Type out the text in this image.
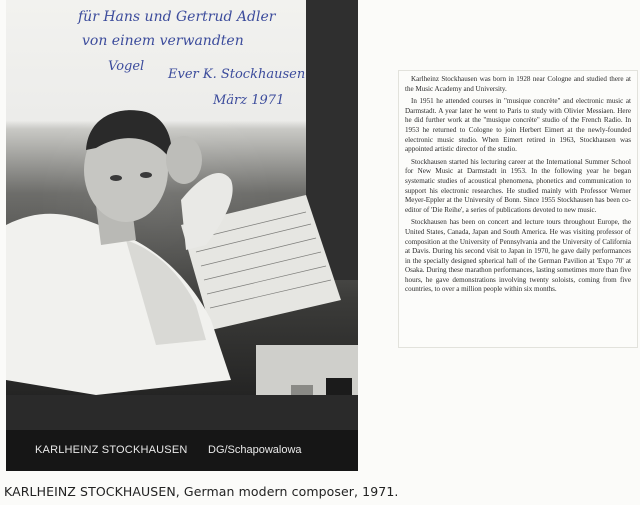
für Hans und Gertrud Adler
von einem verwandten
Vogel
Ever K. Stockhausen
März 1971
KARLHEINZ STOCKHAUSEN DG/Schapowalowa
KARLHEINZ STOCKHAUSEN, German modern composer, 1971.

Karlheinz Stockhausen was born in 1928 near Cologne and studied there at the Music Academy and University.

In 1951 he attended courses in "musique concrète" and electronic music at Darmstadt. A year later he went to Paris to study with Olivier Messiaen. Here he did further work at the "musique concrète" studio of the French Radio. In 1953 he returned to Cologne to join Herbert Eimert at the newly-founded electronic music studio. When Eimert retired in 1963, Stockhausen was appointed artistic director of the studio.

Stockhausen started his lecturing career at the International Summer School for New Music at Darmstadt in 1953. In the following year he began systematic studies of acoustical phenomena, phonetics and communication to support his electronic researches. He studied mainly with Professor Werner Meyer-Eppler at the University of Bonn. Since 1955 Stockhausen has been co-editor of 'Die Reihe', a series of publications devoted to new music.

Stockhausen has been on concert and lecture tours throughout Europe, the United States, Canada, Japan and South America. He was visiting professor of composition at the University of Pennsylvania and the University of California at Davis. During his second visit to Japan in 1970, he gave daily performances in the specially designed spherical hall of the German Pavilion at 'Expo 70' at Osaka. During these marathon performances, lasting sometimes more than five hours, he gave demonstrations involving twenty soloists, coming from five countries, to over a million people within six months.
